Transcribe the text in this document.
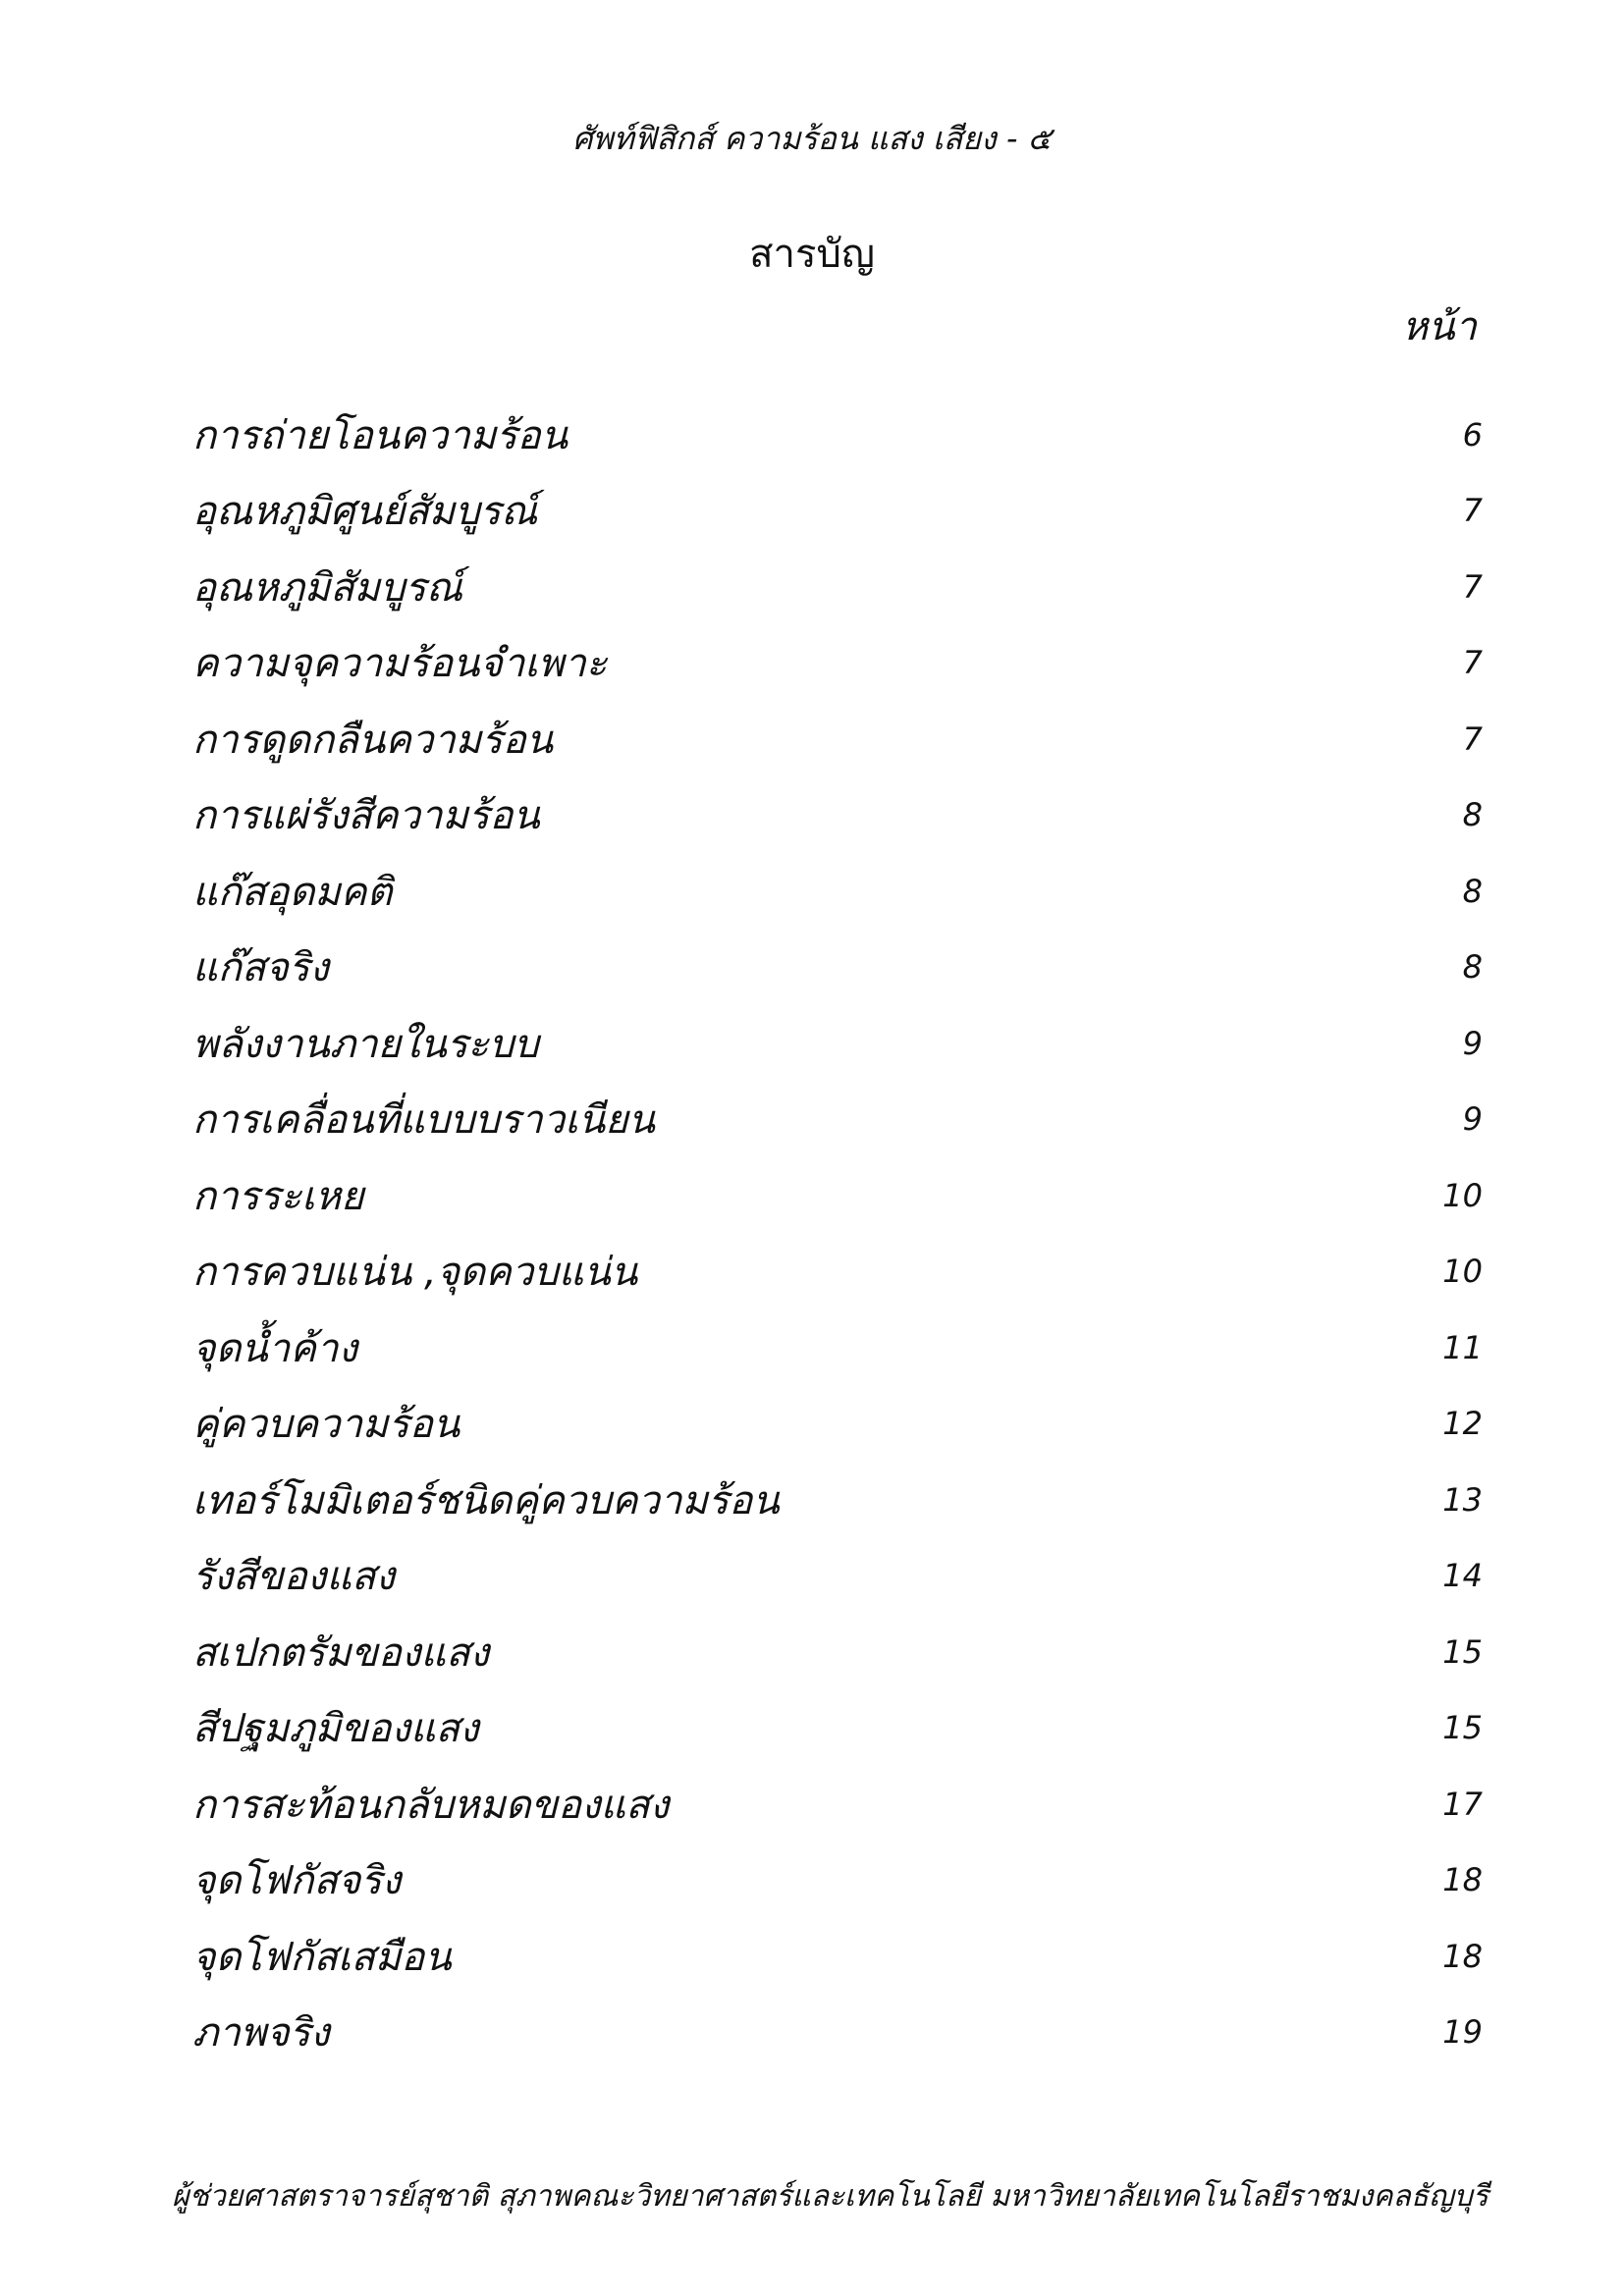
ศัพท์ฟิสิกส์ ความร้อน แสง เสียง - ๕
สารบัญ
หน้า
การถ่ายโอนความร้อน	6
อุณหภูมิศูนย์สัมบูรณ์	7
อุณหภูมิสัมบูรณ์	7
ความจุความร้อนจำเพาะ	7
การดูดกลืนความร้อน	7
การแผ่รังสีความร้อน	8
แก๊สอุดมคติ	8
แก๊สจริง	8
พลังงานภายในระบบ	9
การเคลื่อนที่แบบบราวเนียน	9
การระเหย	10
การควบแน่น ,จุดควบแน่น	10
จุดน้ำค้าง	11
คู่ควบความร้อน	12
เทอร์โมมิเตอร์ชนิดคู่ควบความร้อน	13
รังสีของแสง	14
สเปกตรัมของแสง	15
สีปฐมภูมิของแสง	15
การสะท้อนกลับหมดของแสง	17
จุดโฟกัสจริง	18
จุดโฟกัสเสมือน	18
ภาพจริง	19
ผู้ช่วยศาสตราจารย์สุชาติ สุภาพ คณะวิทยาศาสตร์และเทคโนโลยี มหาวิทยาลัยเทคโนโลยีราชมงคลธัญบุรี
